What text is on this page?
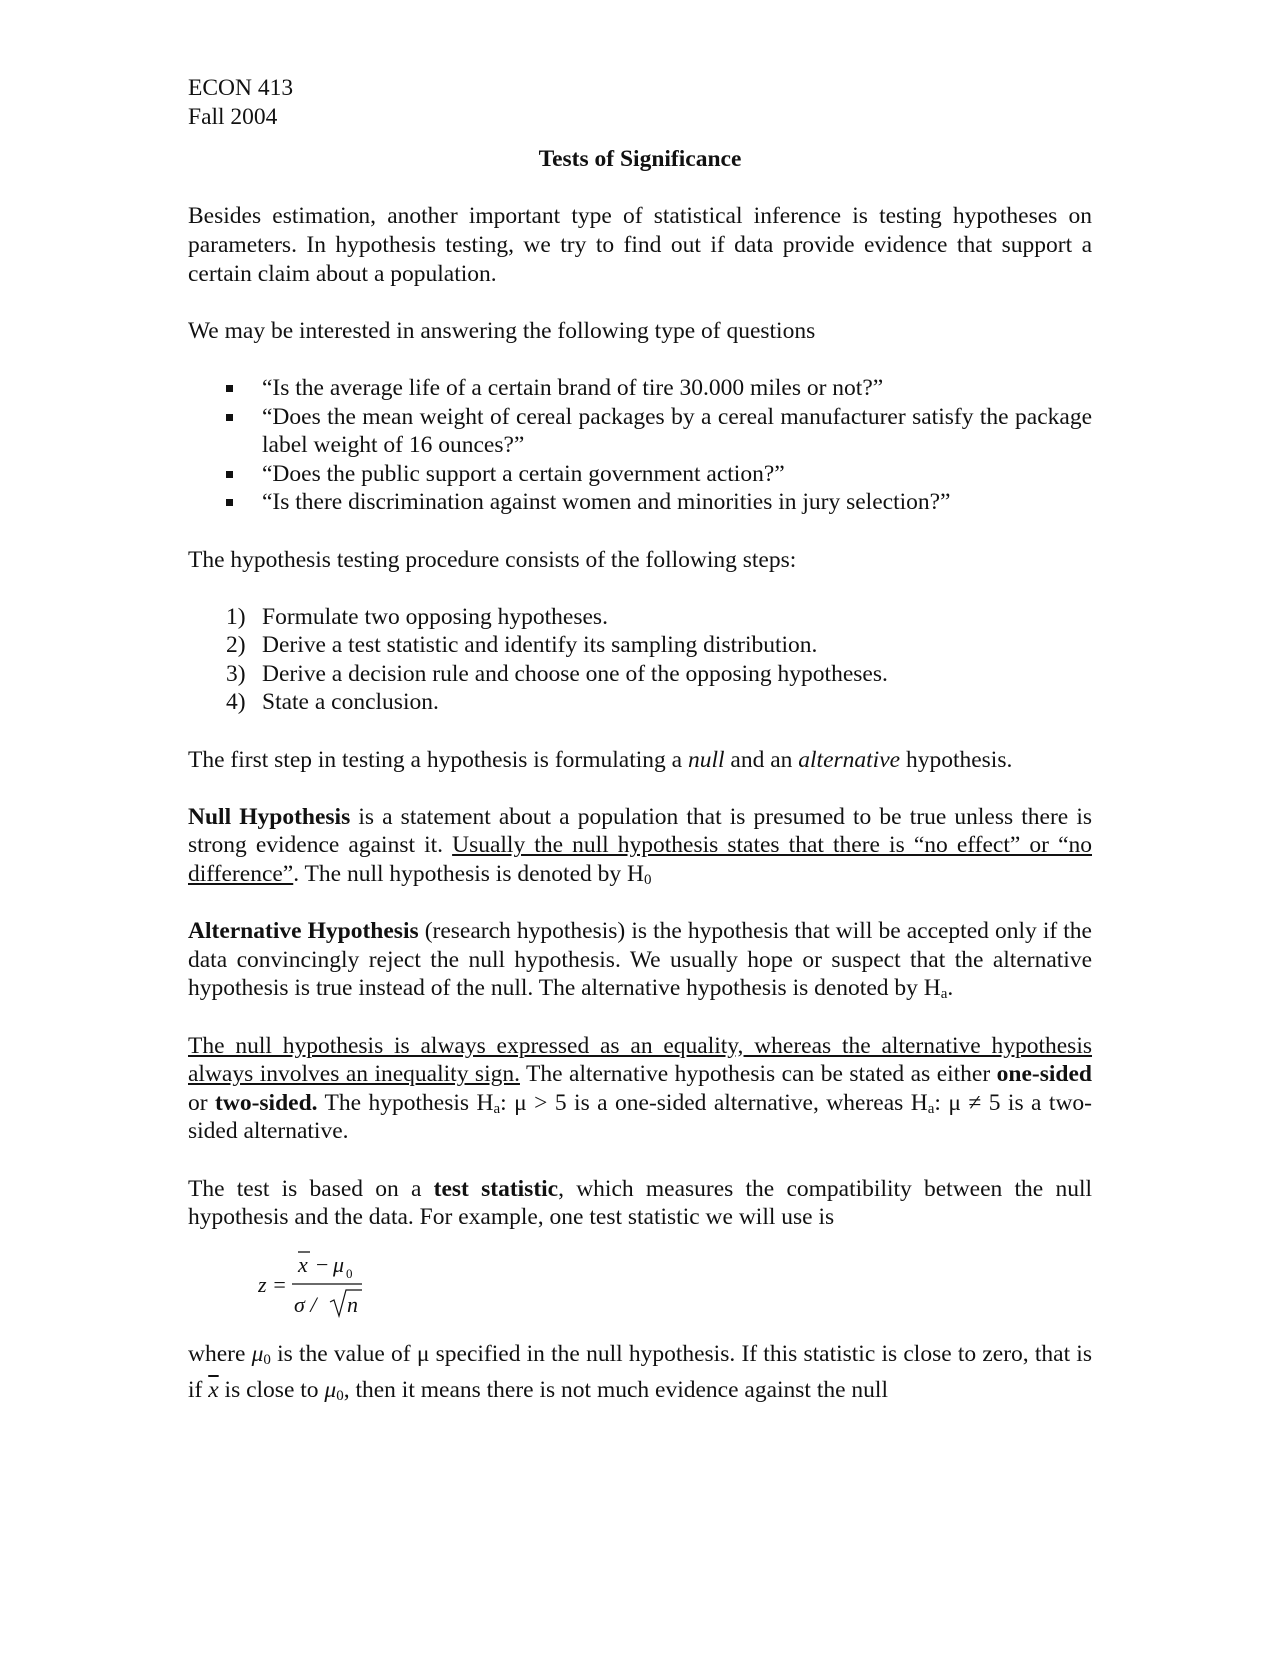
ECON 413

Fall 2004

Tests of Significance

Besides estimation, another important type of statistical inference is testing hypotheses on parameters. In hypothesis testing, we try to find out if data provide evidence that support a certain claim about a population.

We may be interested in answering the following type of questions

“Is the average life of a certain brand of tire 30.000 miles or not?”
“Does the mean weight of cereal packages by a cereal manufacturer satisfy the package label weight of 16 ounces?”
“Does the public support a certain government action?”
“Is there discrimination against women and minorities in jury selection?”

The hypothesis testing procedure consists of the following steps:

1) Formulate two opposing hypotheses.
2) Derive a test statistic and identify its sampling distribution.
3) Derive a decision rule and choose one of the opposing hypotheses.
4) State a conclusion.

The first step in testing a hypothesis is formulating a null and an alternative hypothesis.

Null Hypothesis is a statement about a population that is presumed to be true unless there is strong evidence against it. Usually the null hypothesis states that there is “no effect” or “no difference”. The null hypothesis is denoted by $H_0$

Alternative Hypothesis (research hypothesis) is the hypothesis that will be accepted only if the data convincingly reject the null hypothesis. We usually hope or suspect that the alternative hypothesis is true instead of the null. The alternative hypothesis is denoted by $H_a$.

The null hypothesis is always expressed as an equality, whereas the alternative hypothesis always involves an inequality sign. The alternative hypothesis can be stated as either one-sided or two-sided. The hypothesis $H_a$: μ > 5 is a one-sided alternative, whereas $H_a$: μ ≠ 5 is a two-sided alternative.

The test is based on a test statistic, which measures the compatibility between the null hypothesis and the data. For example, one test statistic we will use is

z =
x − μ 0
σ / n

where $\mu_0$ is the value of μ specified in the null hypothesis. If this statistic is close to zero, that is if $\overline{x}$ is close to $\mu_0$, then it means there is not much evidence against the null
